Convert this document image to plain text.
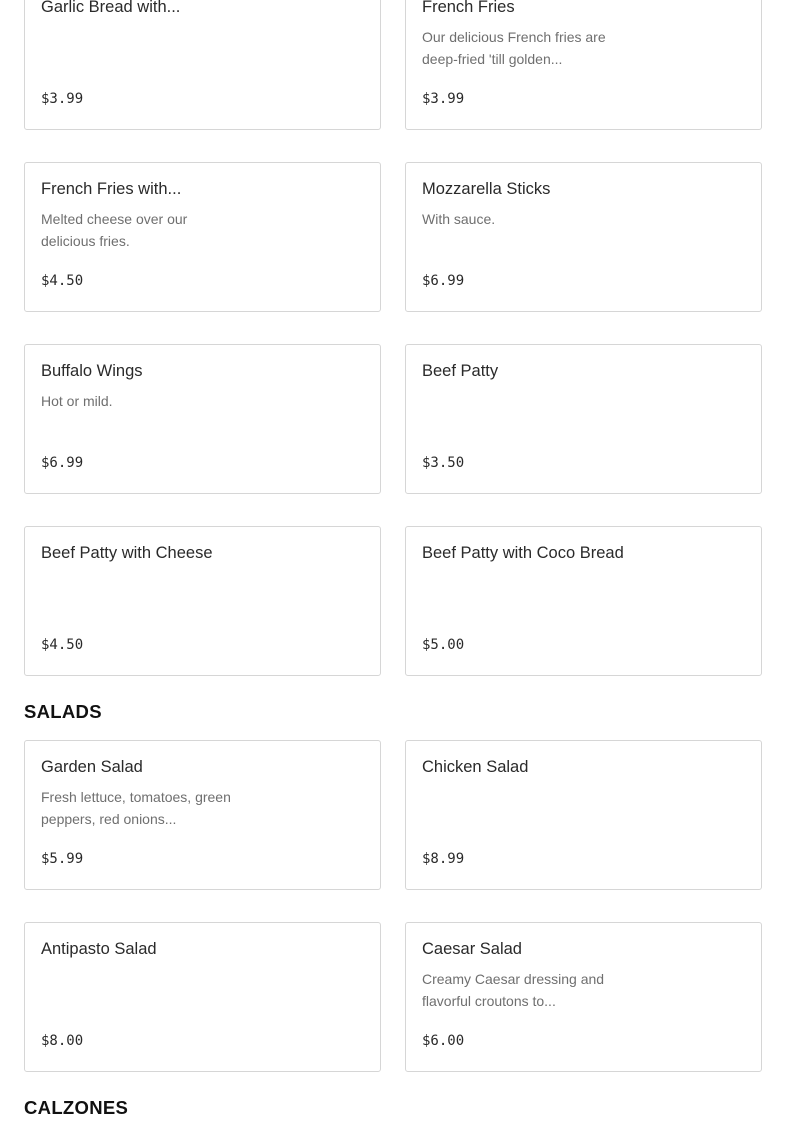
Garlic Bread with...
$3.99
French Fries
Our delicious French fries are deep-fried 'till golden...
$3.99
French Fries with...
Melted cheese over our delicious fries.
$4.50
Mozzarella Sticks
With sauce.
$6.99
Buffalo Wings
Hot or mild.
$6.99
Beef Patty
$3.50
Beef Patty with Cheese
$4.50
Beef Patty with Coco Bread
$5.00
SALADS
Garden Salad
Fresh lettuce, tomatoes, green peppers, red onions...
$5.99
Chicken Salad
$8.99
Antipasto Salad
$8.00
Caesar Salad
Creamy Caesar dressing and flavorful croutons to...
$6.00
CALZONES
